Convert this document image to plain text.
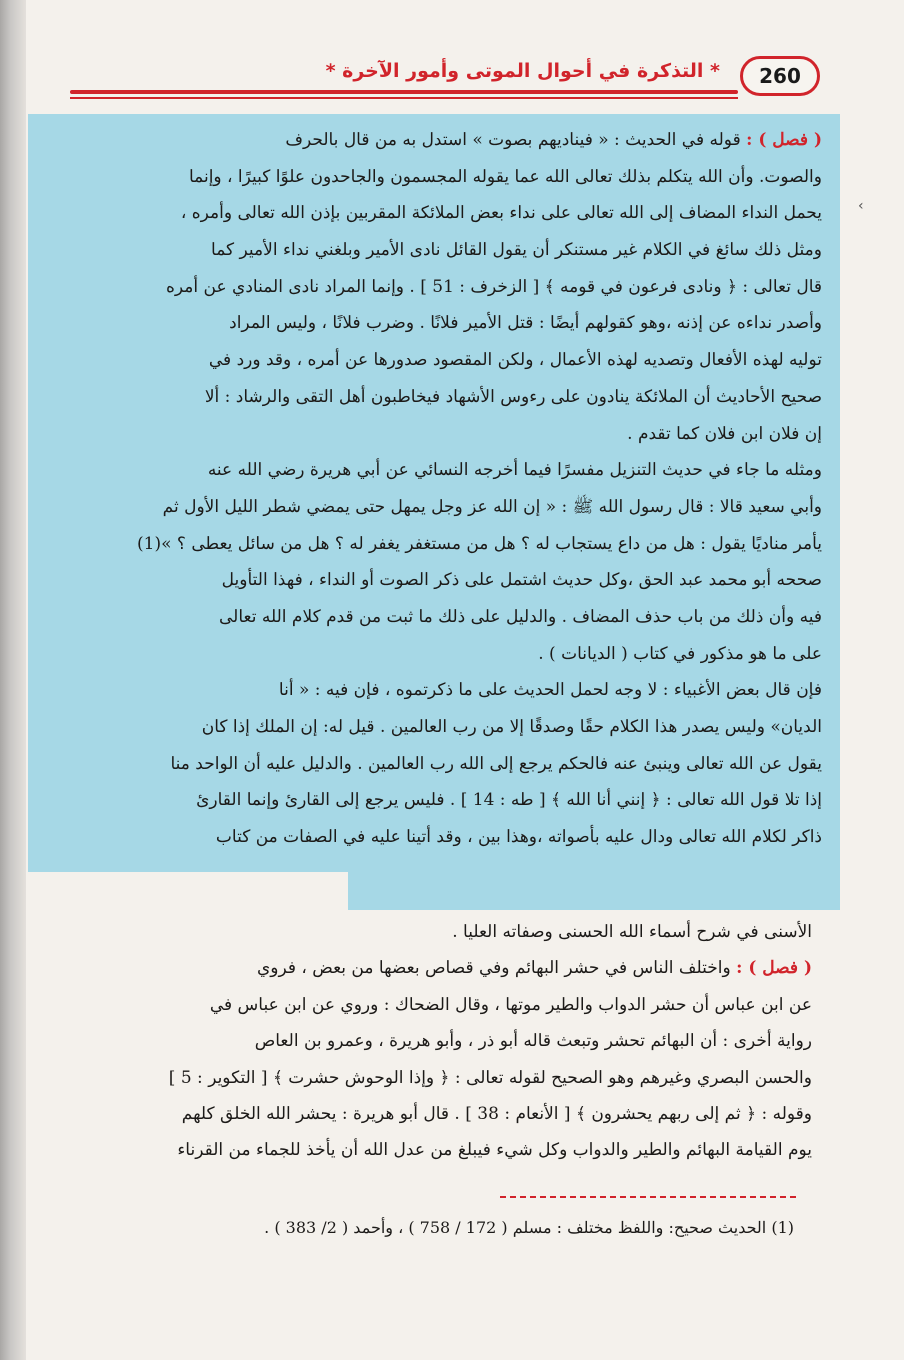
* التذكرة في أحوال الموتى وأمور الآخرة *	260
‹
( فصل ) : قوله في الحديث : « فيناديهم بصوت » استدل به من قال بالحرف
والصوت. وأن الله يتكلم بذلك تعالى الله عما يقوله المجسمون والجاحدون علوًا كبيرًا ، وإنما
يحمل النداء المضاف إلى الله تعالى على نداء بعض الملائكة المقربين بإذن الله تعالى وأمره ،
ومثل ذلك سائغ في الكلام غير مستنكر أن يقول القائل نادى الأمير وبلغني نداء الأمير كما
قال تعالى : ﴿ ونادى فرعون في قومه ﴾ [ الزخرف : 51 ] . وإنما المراد نادى المنادي عن أمره
وأصدر نداءه عن إذنه ،وهو كقولهم أيضًا : قتل الأمير فلانًا . وضرب فلانًا ، وليس المراد
توليه لهذه الأفعال وتصديه لهذه الأعمال ، ولكن المقصود صدورها عن أمره ، وقد ورد في
صحيح الأحاديث أن الملائكة ينادون على رءوس الأشهاد فيخاطبون أهل التقى والرشاد : ألا
إن فلان ابن فلان كما تقدم .
ومثله ما جاء في حديث التنزيل مفسرًا فيما أخرجه النسائي عن أبي هريرة رضي الله عنه
وأبي سعيد قالا : قال رسول الله ﷺ : « إن الله عز وجل يمهل حتى يمضي شطر الليل الأول ثم
يأمر مناديًا يقول : هل من داع يستجاب له ؟ هل من مستغفر يغفر له ؟ هل من سائل يعطى ؟ »(1)
صححه أبو محمد عبد الحق ،وكل حديث اشتمل على ذكر الصوت أو النداء ، فهذا التأويل
فيه وأن ذلك من باب حذف المضاف . والدليل على ذلك ما ثبت من قدم كلام الله تعالى
على ما هو مذكور في كتاب ( الديانات ) .
فإن قال بعض الأغبياء : لا وجه لحمل الحديث على ما ذكرتموه ، فإن فيه : « أنا
الديان» وليس يصدر هذا الكلام حقًا وصدقًا إلا من رب العالمين . قيل له: إن الملك إذا كان
يقول عن الله تعالى وينبئ عنه فالحكم يرجع إلى الله رب العالمين . والدليل عليه أن الواحد منا
إذا تلا قول الله تعالى : ﴿ إنني أنا الله ﴾ [ طه : 14 ] . فليس يرجع إلى القارئ وإنما القارئ
ذاكر لكلام الله تعالى ودال عليه بأصواته ،وهذا بين ، وقد أتينا عليه في الصفات من كتاب
الأسنى في شرح أسماء الله الحسنى وصفاته العليا .
( فصل ) : واختلف الناس في حشر البهائم وفي قصاص بعضها من بعض ، فروي
عن ابن عباس أن حشر الدواب والطير موتها ، وقال الضحاك : وروي عن ابن عباس في
رواية أخرى : أن البهائم تحشر وتبعث قاله أبو ذر ، وأبو هريرة ، وعمرو بن العاص
والحسن البصري وغيرهم وهو الصحيح لقوله تعالى : ﴿ وإذا الوحوش حشرت ﴾ [ التكوير : 5 ]
وقوله : ﴿ ثم إلى ربهم يحشرون ﴾ [ الأنعام : 38 ] . قال أبو هريرة : يحشر الله الخلق كلهم
يوم القيامة البهائم والطير والدواب وكل شيء فيبلغ من عدل الله أن يأخذ للجماء من القرناء
(1) الحديث صحيح: واللفظ مختلف : مسلم ( 172 / 758 ) ، وأحمد ( 2/ 383 ) .
